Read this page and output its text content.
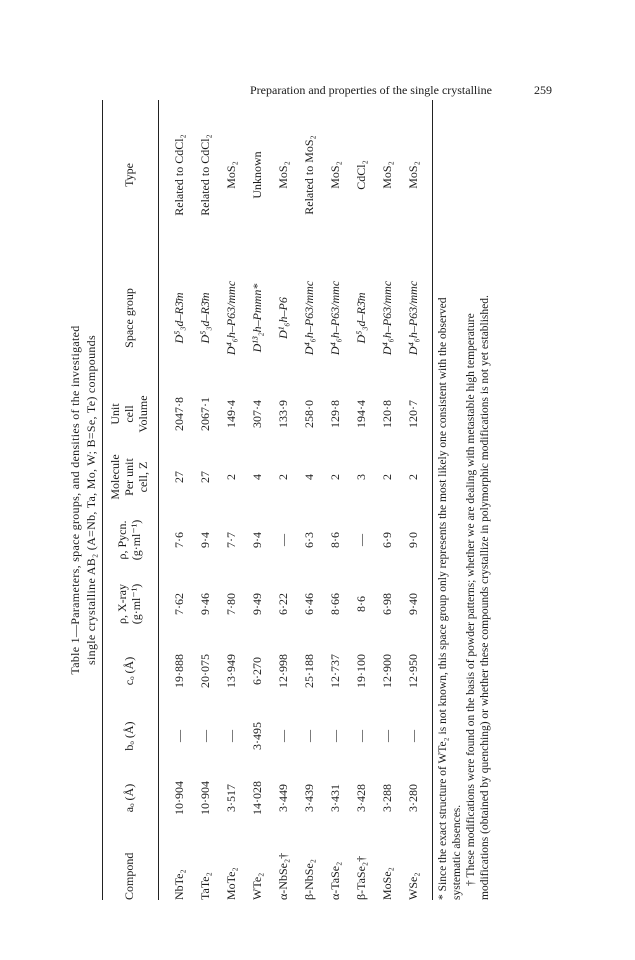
Preparation and properties of the single crystalline	259
Table 1—Parameters, space groups, and densities of the investigated single crystalline AB₂ (A=Nb, Ta, Mo, W; B=Se, Te) compounds
Compond
aₒ (Å)
bₒ (Å)
cₒ (Å)
ρ, X-ray (g·ml⁻¹)
ρ, Pycn. (g·ml⁻¹)
Molecule Per unit cell, Z
Unit cell Volume
Space group
Type
NbTe₂
10·904
—
19·888
7·62
7·6
27
2047·8
D⁵₃d–R3̄m
Related to CdCl₂
TaTe₂
10·904
—
20·075
9·46
9·4
27
2067·1
D⁵₃d–R3̄m
Related to CdCl₂
MoTe₂
3·517
—
13·949
7·80
7·7
2
149·4
D⁴₆h–P63/mmc
MoS₂
WTe₂
14·028
3·495
6·270
9·49
9·4
4
307·4
D¹³₂h–Pmmn*
Unknown
α-NbSe₂†
3·449
—
12·998
6·22
—
2
133·9
D¹₆h–P6
MoS₂
β-NbSe₂
3·439
—
25·188
6·46
6·3
4
258·0
D⁴₆h–P63/mmc
Related to MoS₂
α-TaSe₂
3·431
—
12·737
8·66
8·6
2
129·8
D⁴₆h–P63/mmc
MoS₂
β-TaSe₂†
3·428
—
19·100
8·6
—
3
194·4
D⁵₃d–R3̄m
CdCl₂
MoSe₂
3·288
—
12·900
6·98
6·9
2
120·8
D⁴₆h–P63/mmc
MoS₂
WSe₂
3·280
—
12·950
9·40
9·0
2
120·7
D⁴₆h–P63/mmc
MoS₂
* Since the exact structure of WTe₂ is not known, this space group only represents the most likely one consistent with the observed systematic absences. † These modifications were found on the basis of powder patterns; whether we are dealing with metastable high temperature modifications (obtained by quenching) or whether these compounds crystallize in polymorphic modifications is not yet established.
